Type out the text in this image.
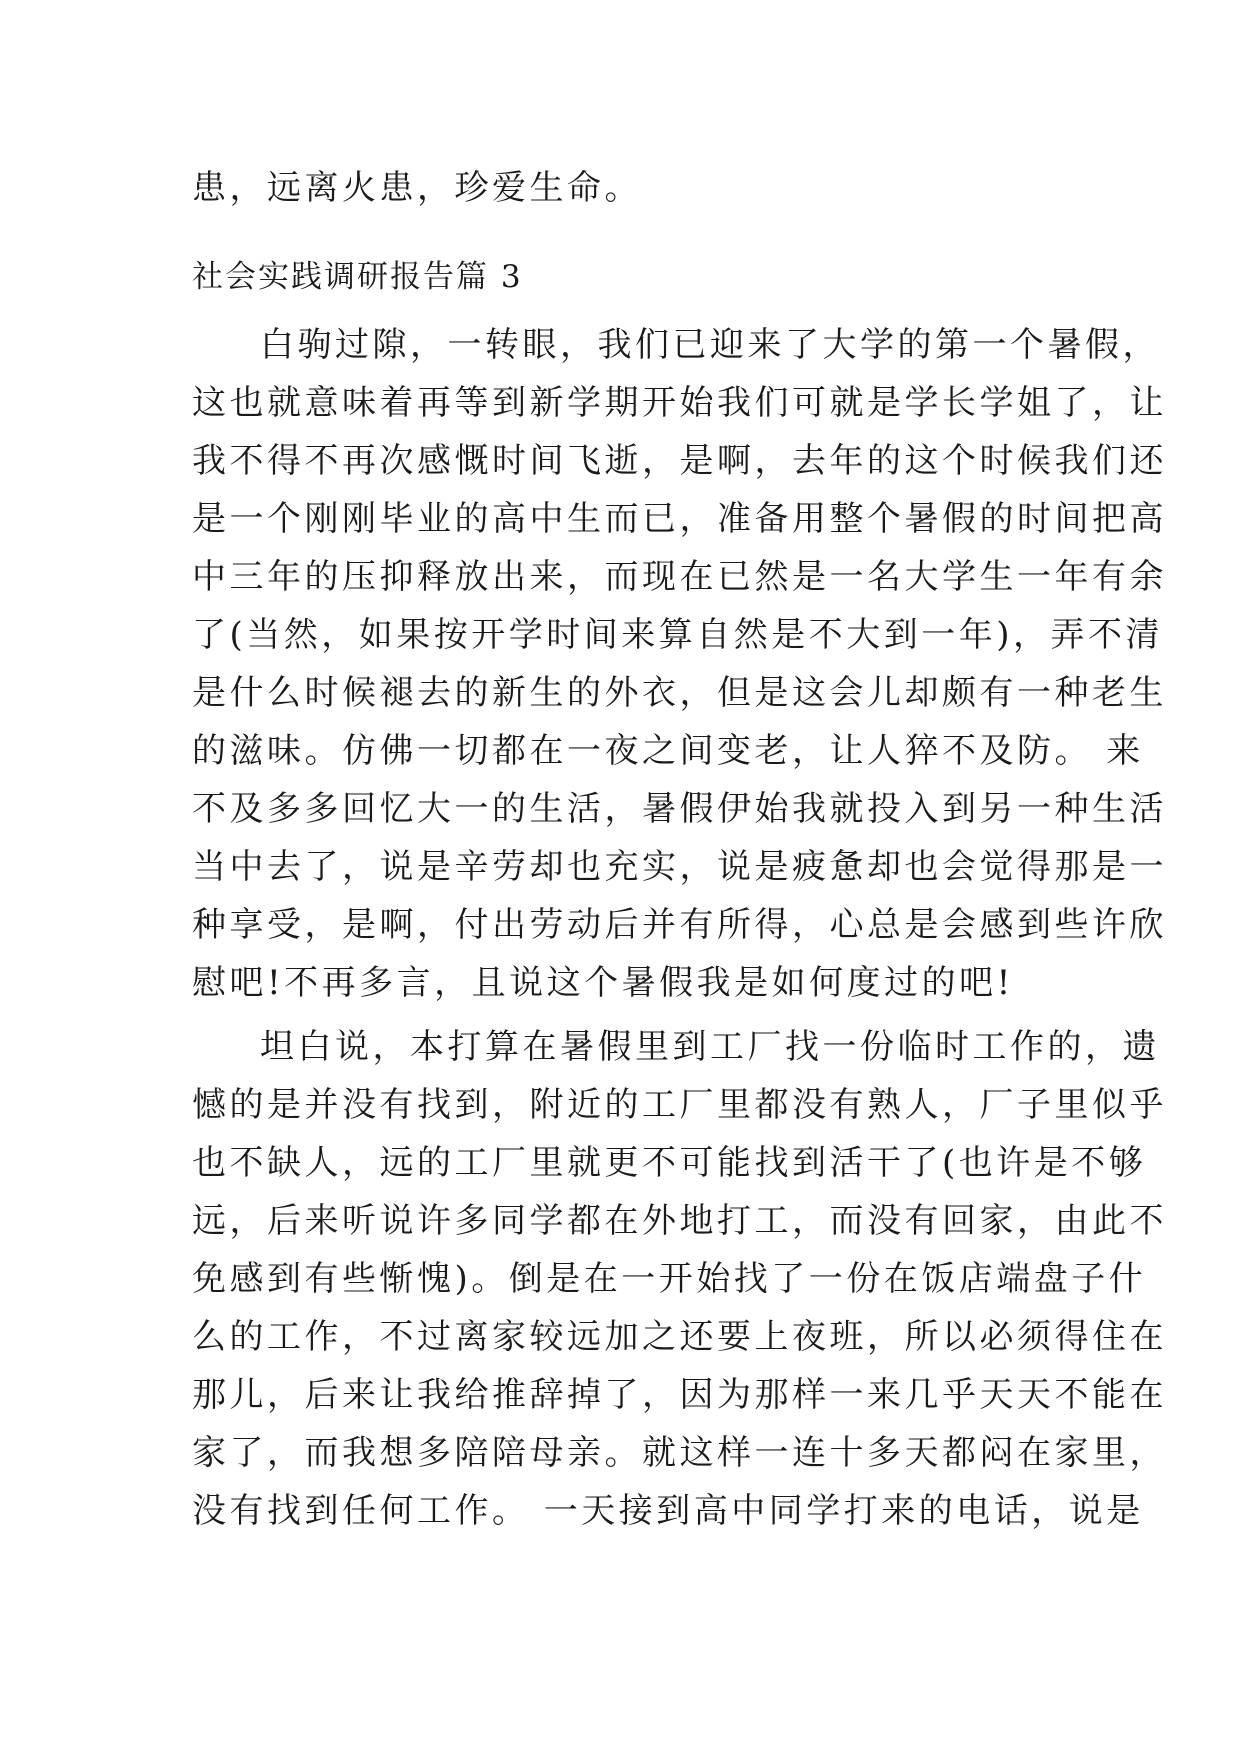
患，远离火患，珍爱生命。
社会实践调研报告篇 3
白驹过隙，一转眼，我们已迎来了大学的第一个暑假，
这也就意味着再等到新学期开始我们可就是学长学姐了，让
我不得不再次感慨时间飞逝，是啊，去年的这个时候我们还
是一个刚刚毕业的高中生而已，准备用整个暑假的时间把高
中三年的压抑释放出来，而现在已然是一名大学生一年有余
了(当然，如果按开学时间来算自然是不大到一年)，弄不清
是什么时候褪去的新生的外衣，但是这会儿却颇有一种老生
的滋味。仿佛一切都在一夜之间变老，让人猝不及防。 来
不及多多回忆大一的生活，暑假伊始我就投入到另一种生活
当中去了，说是辛劳却也充实，说是疲惫却也会觉得那是一
种享受，是啊，付出劳动后并有所得，心总是会感到些许欣
慰吧!不再多言，且说这个暑假我是如何度过的吧!
坦白说，本打算在暑假里到工厂找一份临时工作的，遗
憾的是并没有找到，附近的工厂里都没有熟人，厂子里似乎
也不缺人，远的工厂里就更不可能找到活干了(也许是不够
远，后来听说许多同学都在外地打工，而没有回家，由此不
免感到有些惭愧)。倒是在一开始找了一份在饭店端盘子什
么的工作，不过离家较远加之还要上夜班，所以必须得住在
那儿，后来让我给推辞掉了，因为那样一来几乎天天不能在
家了，而我想多陪陪母亲。就这样一连十多天都闷在家里，
没有找到任何工作。 一天接到高中同学打来的电话，说是
